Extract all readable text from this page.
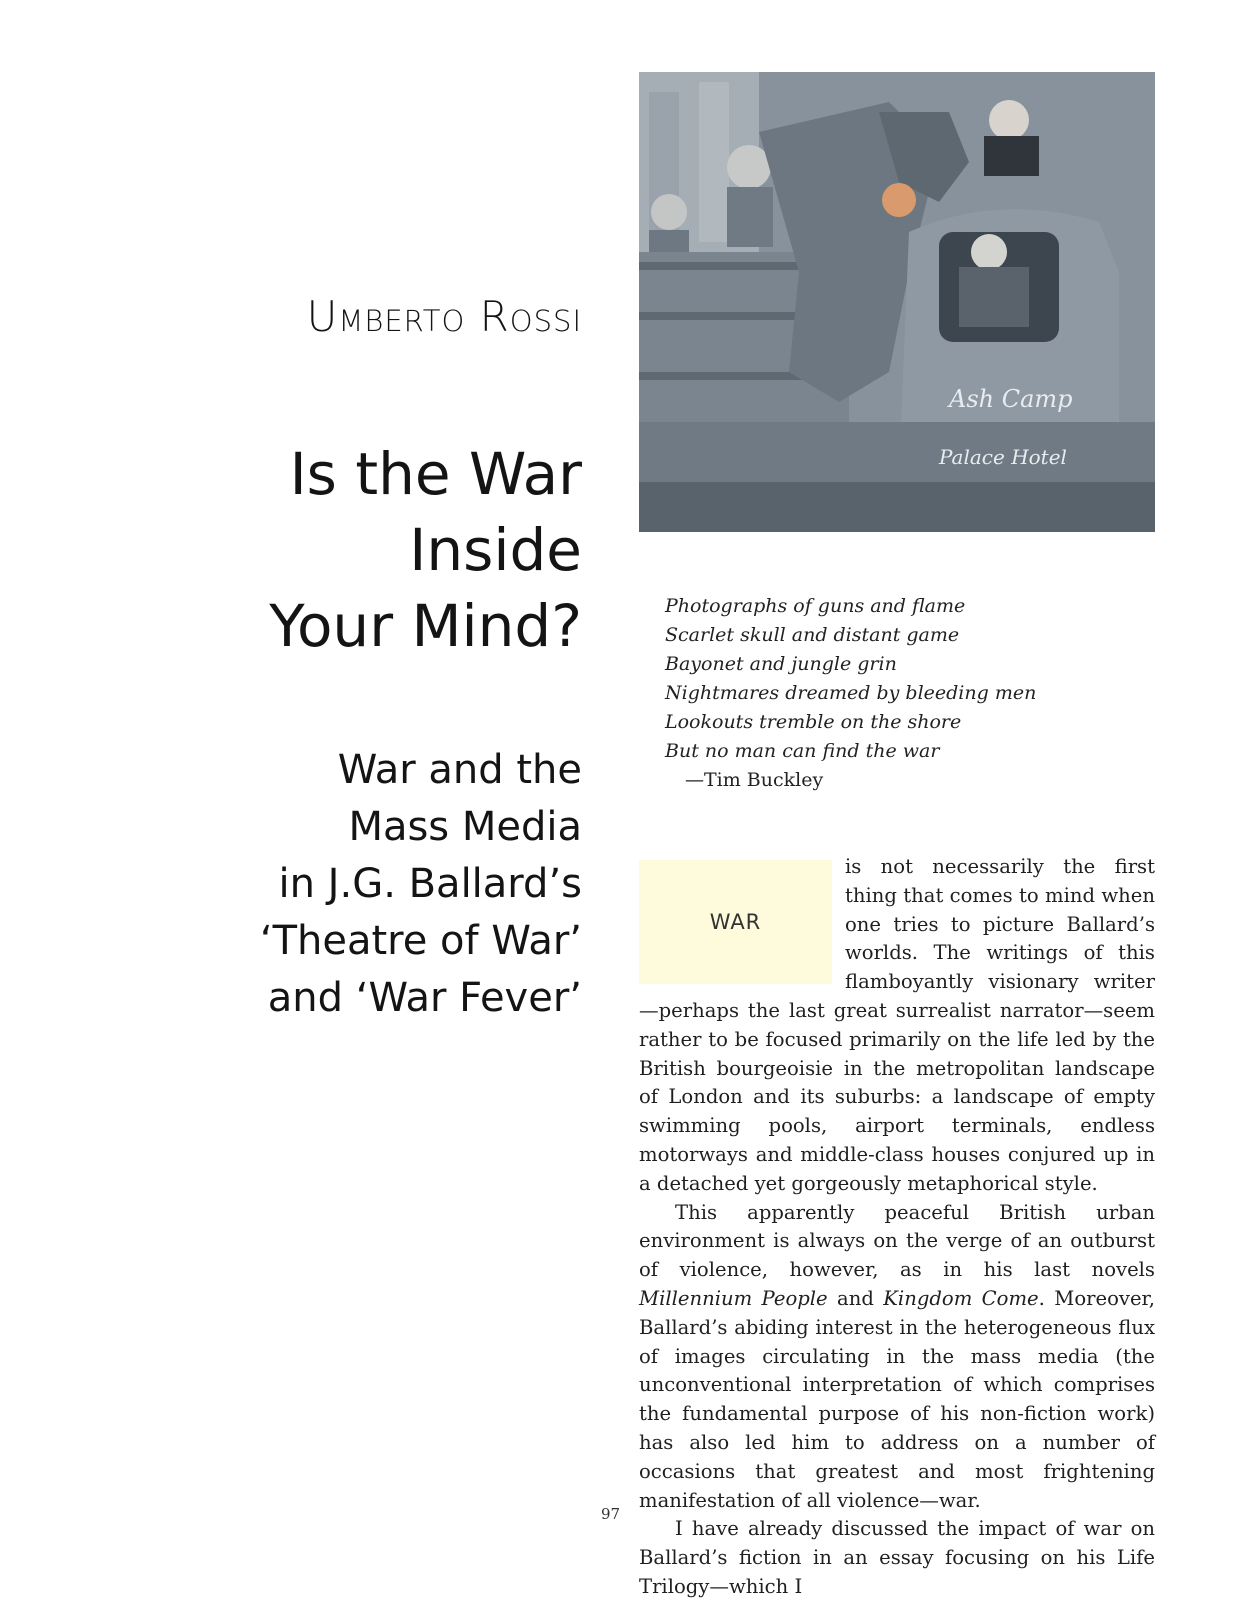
Umberto Rossi
Is the War
Inside
Your Mind?
War and the
Mass Media
in J.G. Ballard’s
‘Theatre of War’
and ‘War Fever’
Ash Camp
Palace Hotel
Photographs of guns and flame
Scarlet skull and distant game
Bayonet and jungle grin
Nightmares dreamed by bleeding men
Lookouts tremble on the shore
But no man can find the war
—Tim Buckley
WAR

is not necessarily the first thing that comes to mind when one tries to picture Ballard’s worlds. The writings of this flamboyantly visionary writer—perhaps the last great surrealist narrator—seem rather to be focused primarily on the life led by the British bourgeoisie in the metropolitan landscape of London and its suburbs: a landscape of empty swimming pools, airport terminals, endless motorways and middle-class houses conjured up in a detached yet gorgeously metaphorical style.

This apparently peaceful British urban environment is always on the verge of an outburst of violence, however, as in his last novels Millennium People and Kingdom Come. Moreover, Ballard’s abiding interest in the heterogeneous flux of images circulating in the mass media (the unconventional interpretation of which comprises the fundamental purpose of his non-fiction work) has also led him to address on a number of occasions that greatest and most frightening manifestation of all violence—war.

I have already discussed the impact of war on Ballard’s fiction in an essay focusing on his Life Trilogy—which I

97
